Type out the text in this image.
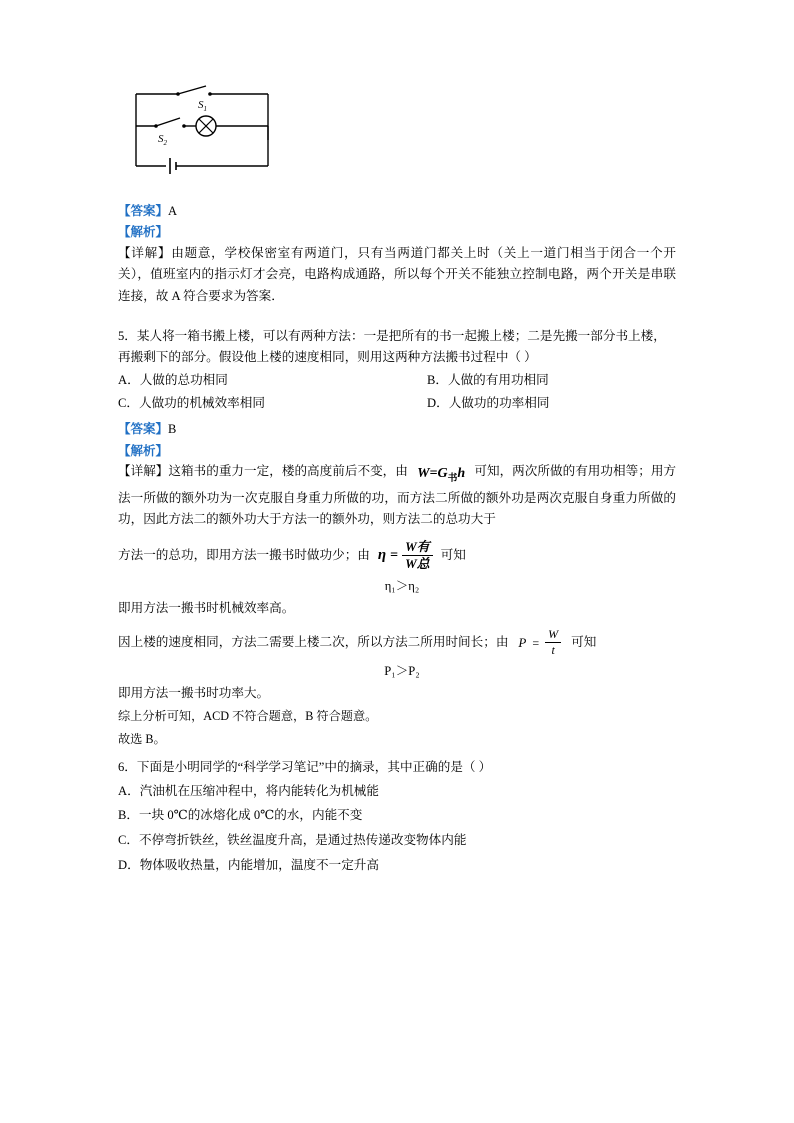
$S_1$
$S_2$
【答案】A
【解析】
【详解】由题意，学校保密室有两道门，只有当两道门都关上时（关上一道门相当于闭合一个开关），值班室内的指示灯才会亮，电路构成通路，所以每个开关不能独立控制电路，两个开关是串联连接，故 A 符合要求为答案．
5．某人将一箱书搬上楼，可以有两种方法：一是把所有的书一起搬上楼；二是先搬一部分书上楼，再搬剩下的部分。假设他上楼的速度相同，则用这两种方法搬书过程中（ ）
A．人做的总功相同	B．人做的有用功相同
C．人做功的机械效率相同	D．人做功的功率相同
【答案】B
【解析】
【详解】这箱书的重力一定，楼的高度前后不变，由 $W=G_书h$ 可知，两次所做的有用功相等；用方法一所做的额外功为一次克服自身重力所做的功，而方法二所做的额外功是两次克服自身重力所做的功，因此方法二的额外功大于方法一的额外功，则方法二的总功大于
方法一的总功，即用方法一搬书时做功少；由 $\eta = \frac{\text{W有}}{\text{W总}}$ 可知
η₁＞η₂
即用方法一搬书时机械效率高。
因上楼的速度相同，方法二需要上楼二次，所以方法二所用时间长；由 $P = \frac{W}{t}$ 可知
P₁＞P₂
即用方法一搬书时功率大。
综上分析可知，ACD 不符合题意，B 符合题意。
故选 B。
6．下面是小明同学的“科学学习笔记”中的摘录，其中正确的是（ ）
A．汽油机在压缩冲程中，将内能转化为机械能
B．一块 0℃的冰熔化成 0℃的水，内能不变
C．不停弯折铁丝，铁丝温度升高，是通过热传递改变物体内能
D．物体吸收热量，内能增加，温度不一定升高
